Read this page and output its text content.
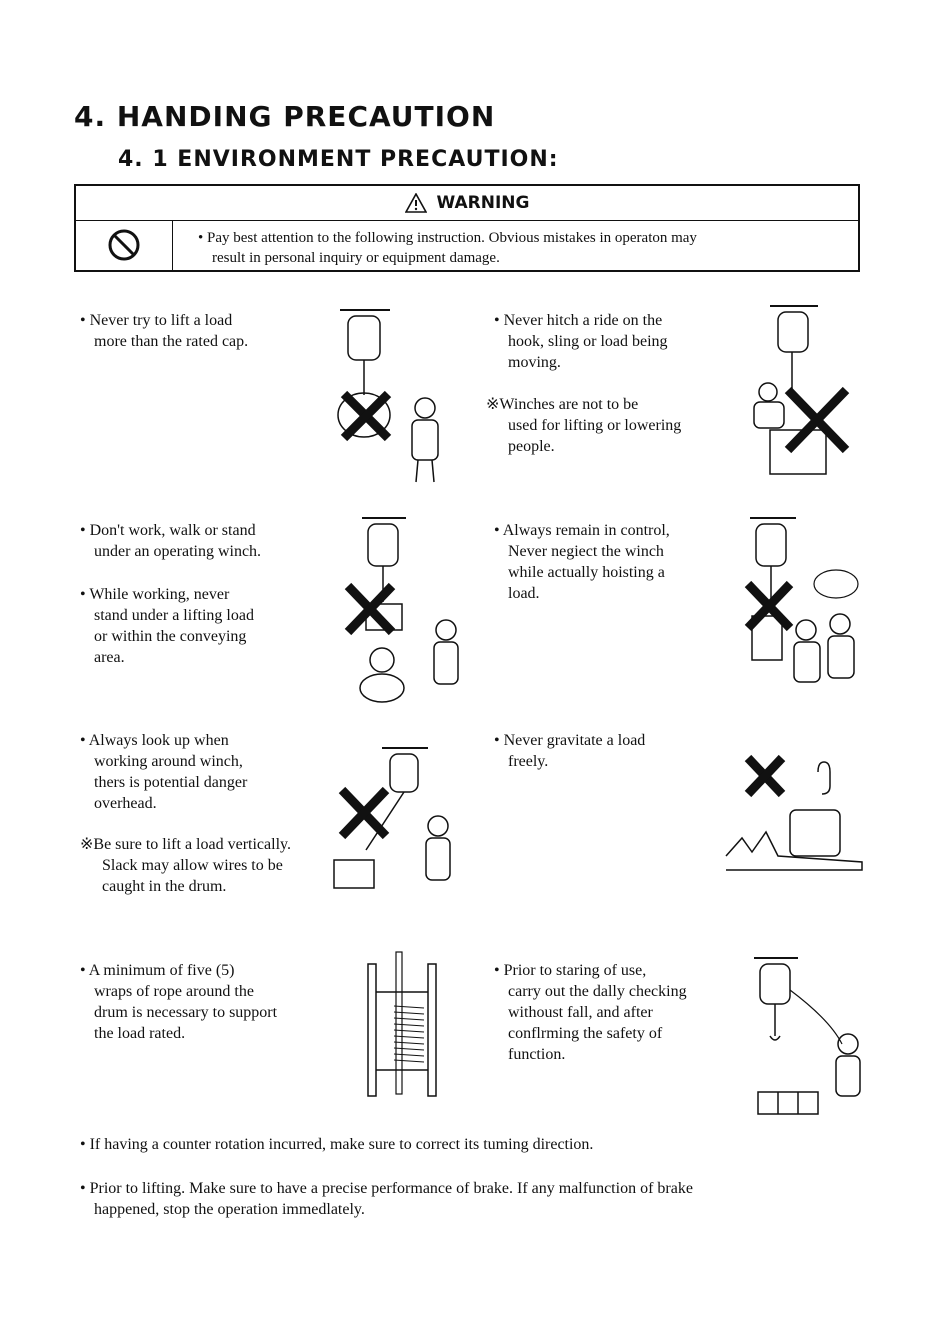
4. HANDING PRECAUTION
4. 1 ENVIRONMENT PRECAUTION:
WARNING
• Pay best attention to the following instruction. Obvious mistakes in operaton may
result in personal inquiry or equipment damage.
• Never try to lift a load
more than the rated cap.
• Never hitch a ride on the
hook, sling or load being
moving.
※Winches are not to be
used for lifting or lowering
people.
• Don't work, walk or stand
under an operating winch.
• While working, never
stand under a lifting load
or within the conveying
area.
• Always remain in control,
Never negiect the winch
while actually hoisting a
load.
• Always look up when
working around winch,
thers is potential danger
overhead.
※Be sure to lift a load vertically.
Slack may allow wires to be
caught in the drum.
• Never gravitate a load
freely.
• A minimum of five (5)
wraps of rope around the
drum is necessary to support
the load rated.
• Prior to staring of use,
carry out the dally checking
withoust fall, and after
conflrming the safety of
function.
• If having a counter rotation incurred, make sure to correct its tuming direction.
• Prior to lifting. Make sure to have a precise performance of brake. If any malfunction of brake
happened, stop the operation immedlately.
